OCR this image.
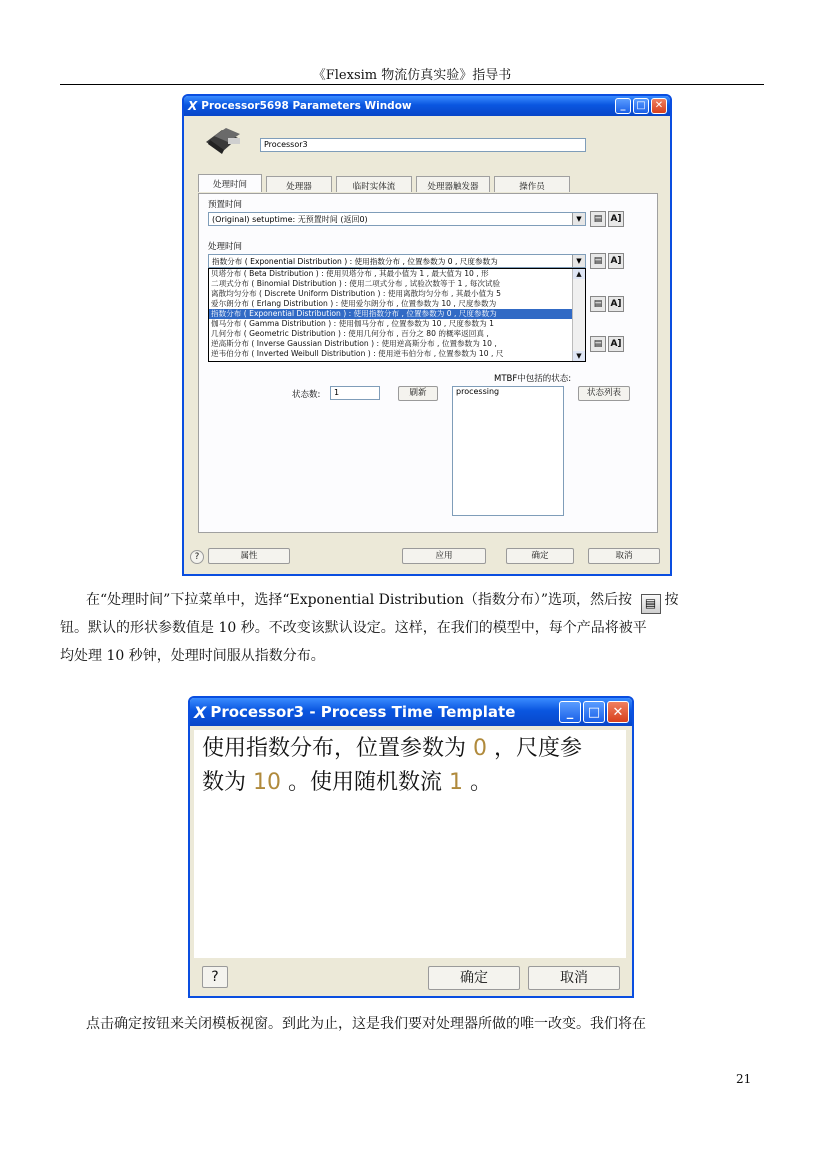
《Flexsim 物流仿真实验》指导书
X Processor5698 Parameters Window	_	□ ✕
Processor3
处理时间	处理器	临时实体流	处理器触发器	操作员
预置时间
(Original) setuptime: 无预置时间 (返回0)	▼	▤ A]
处理时间
指数分布 ( Exponential Distribution ) : 使用指数分布 , 位置参数为 0 , 尺度参数为	▼	▤ A]
贝塔分布 ( Beta Distribution ) : 使用贝塔分布 , 其最小值为 1 , 最大值为 10 , 形
二项式分布 ( Binomial Distribution ) : 使用二项式分布 , 试验次数等于 1 , 每次试验
离散均匀分布 ( Discrete Uniform Distribution ) : 使用离散均匀分布 , 其最小值为 5
爱尔朗分布 ( Erlang Distribution ) : 使用爱尔朗分布 , 位置参数为 10 , 尺度参数为
指数分布 ( Exponential Distribution ) : 使用指数分布 , 位置参数为 0 , 尺度参数为
伽马分布 ( Gamma Distribution ) : 使用伽马分布 , 位置参数为 10 , 尺度参数为 1
几何分布 ( Geometric Distribution ) : 使用几何分布 , 百分之 80 的概率返回真 ,
逆高斯分布 ( Inverse Gaussian Distribution ) : 使用逆高斯分布 , 位置参数为 10 ,
逆韦伯分布 ( Inverted Weibull Distribution ) : 使用逆韦伯分布 , 位置参数为 10 , 尺
▲
▼
▤ A]
▤ A]
MTBF中包括的状态:
状态数:	1	刷新	processing	状态列表
?	属性	应用	确定	取消
在“处理时间”下拉菜单中，选择“Exponential Distribution（指数分布）”选项，然后按 ▤ 按
钮。默认的形状参数值是 10 秒。不改变该默认设定。这样，在我们的模型中，每个产品将被平
均处理 10 秒钟，处理时间服从指数分布。
X Processor3 - Process Time Template	_	□ ✕
使用指数分布，位置参数为 0 ，尺度参
数为 10 。使用随机数流 1 。
?	确定	取消
点击确定按钮来关闭模板视窗。到此为止，这是我们要对处理器所做的唯一改变。我们将在
21
